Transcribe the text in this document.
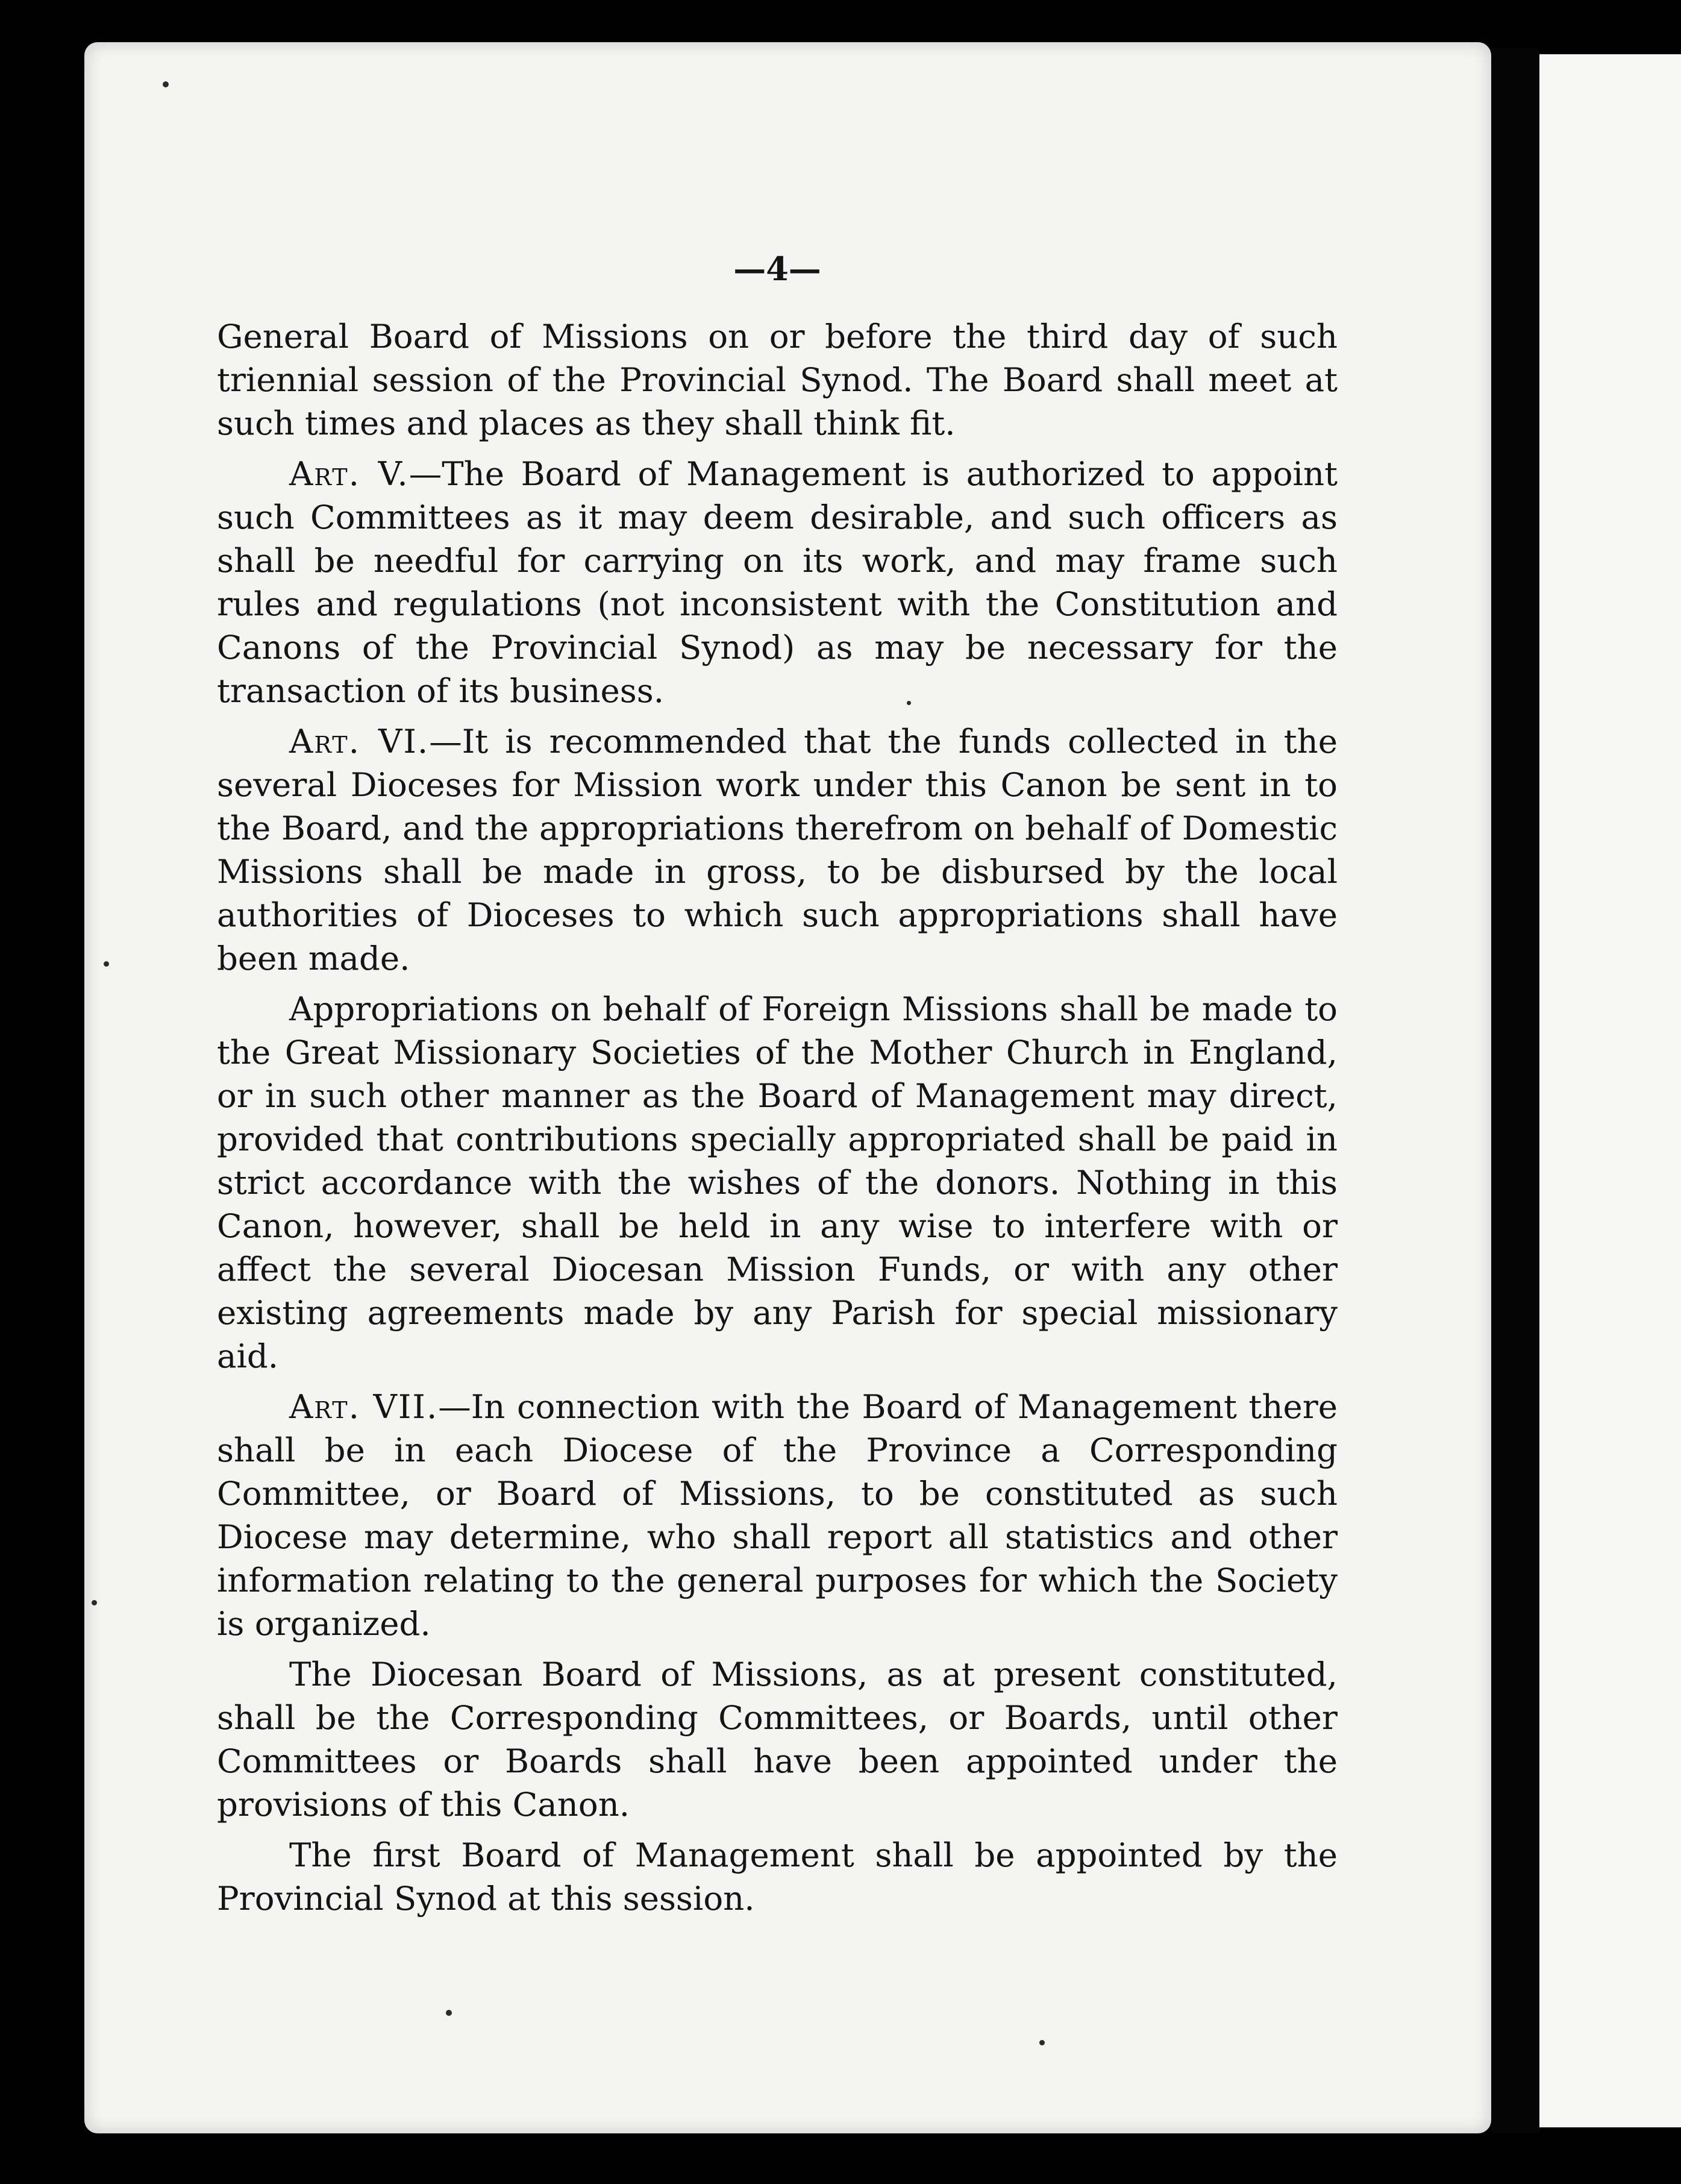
—4—

General Board of Missions on or before the third day of such triennial session of the Provincial Synod. The Board shall meet at such times and places as they shall think fit.

Art. V.—The Board of Management is authorized to appoint such Committees as it may deem desirable, and such officers as shall be needful for carrying on its work, and may frame such rules and regulations (not inconsistent with the Constitution and Canons of the Provincial Synod) as may be necessary for the transaction of its business.

Art. VI.—It is recommended that the funds collected in the several Dioceses for Mission work under this Canon be sent in to the Board, and the appropriations therefrom on behalf of Domestic Missions shall be made in gross, to be disbursed by the local authorities of Dioceses to which such appropriations shall have been made.

Appropriations on behalf of Foreign Missions shall be made to the Great Missionary Societies of the Mother Church in England, or in such other manner as the Board of Management may direct, provided that contributions specially appropriated shall be paid in strict accordance with the wishes of the donors. Nothing in this Canon, however, shall be held in any wise to interfere with or affect the several Diocesan Mission Funds, or with any other existing agreements made by any Parish for special missionary aid.

Art. VII.—In connection with the Board of Management there shall be in each Diocese of the Province a Corresponding Committee, or Board of Missions, to be constituted as such Diocese may determine, who shall report all statistics and other information relating to the general purposes for which the Society is organized.

The Diocesan Board of Missions, as at present constituted, shall be the Corresponding Committees, or Boards, until other Committees or Boards shall have been appointed under the provisions of this Canon.

The first Board of Management shall be appointed by the Provincial Synod at this session.
